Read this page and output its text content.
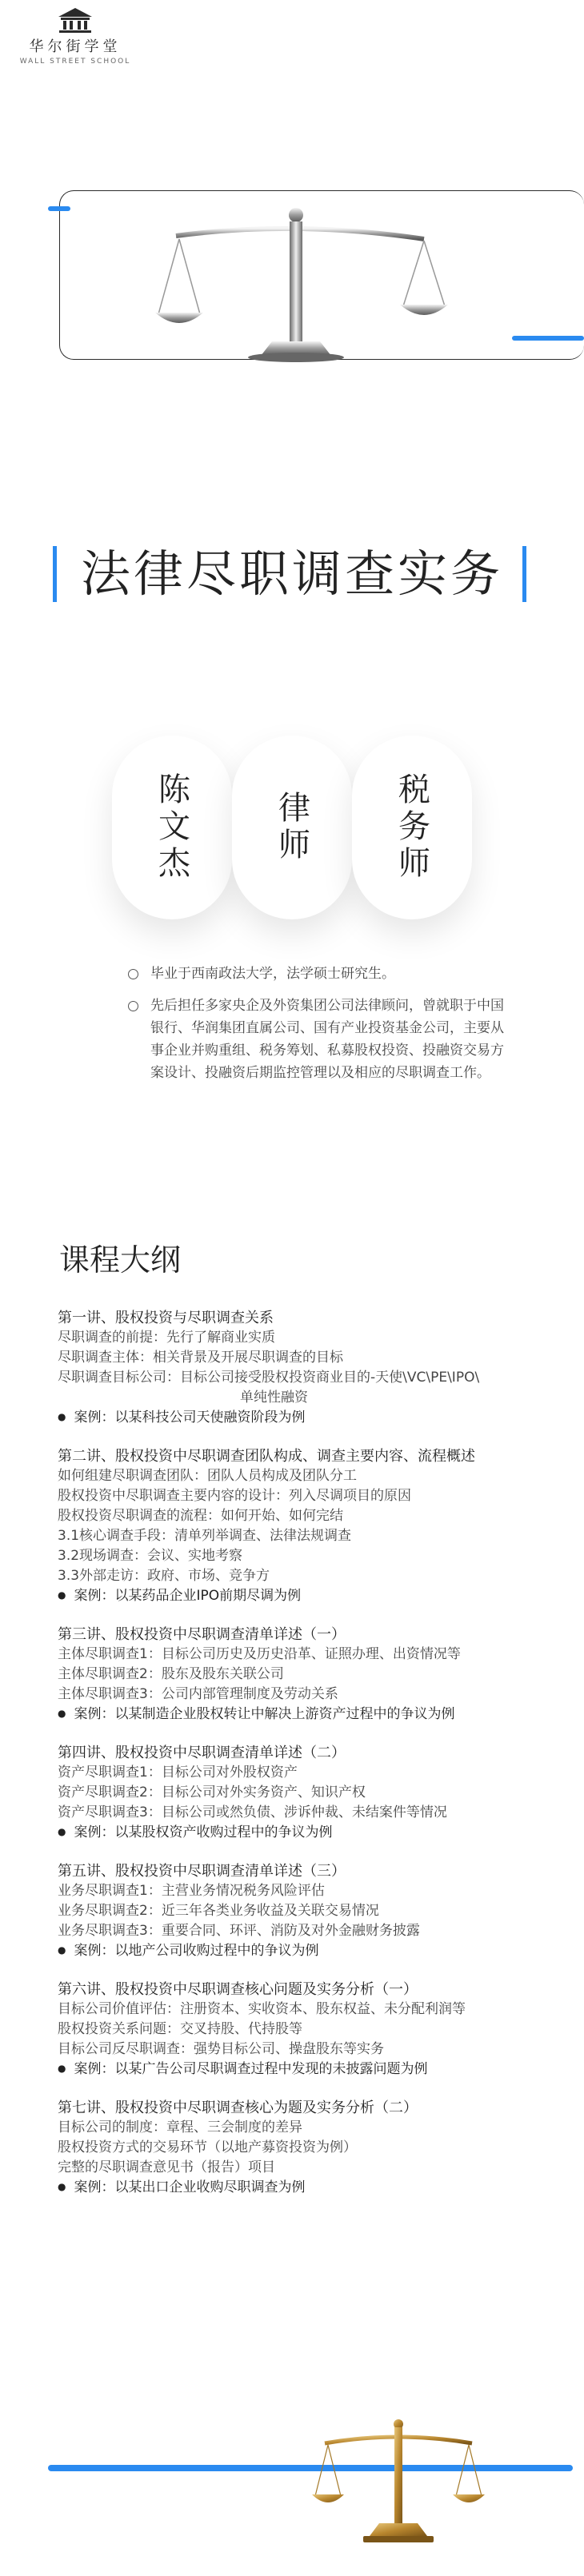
华尔街学堂
WALL STREET SCHOOL
法律尽职调查实务
陈文杰	律师	税务师
毕业于西南政法大学，法学硕士研究生。
先后担任多家央企及外资集团公司法律顾问，曾就职于中国银行、华润集团直属公司、国有产业投资基金公司，主要从事企业并购重组、税务筹划、私募股权投资、投融资交易方案设计、投融资后期监控管理以及相应的尽职调查工作。
课程大纲
第一讲、股权投资与尽职调查关系
尽职调查的前提：先行了解商业实质
尽职调查主体：相关背景及开展尽职调查的目标
尽职调查目标公司：目标公司接受股权投资商业目的-天使\VC\PE\IPO\
单纯性融资
● 案例：以某科技公司天使融资阶段为例
第二讲、股权投资中尽职调查团队构成、调查主要内容、流程概述
如何组建尽职调查团队：团队人员构成及团队分工
股权投资中尽职调查主要内容的设计：列入尽调项目的原因
股权投资尽职调查的流程：如何开始、如何完结
3.1核心调查手段：清单列举调查、法律法规调查
3.2现场调查：会议、实地考察
3.3外部走访：政府、市场、竞争方
● 案例：以某药品企业IPO前期尽调为例
第三讲、股权投资中尽职调查清单详述（一）
主体尽职调查1：目标公司历史及历史沿革、证照办理、出资情况等
主体尽职调查2：股东及股东关联公司
主体尽职调查3：公司内部管理制度及劳动关系
● 案例：以某制造企业股权转让中解决上游资产过程中的争议为例
第四讲、股权投资中尽职调查清单详述（二）
资产尽职调查1：目标公司对外股权资产
资产尽职调查2：目标公司对外实务资产、知识产权
资产尽职调查3：目标公司或然负债、涉诉仲裁、未结案件等情况
● 案例：以某股权资产收购过程中的争议为例
第五讲、股权投资中尽职调查清单详述（三）
业务尽职调查1：主营业务情况税务风险评估
业务尽职调查2：近三年各类业务收益及关联交易情况
业务尽职调查3：重要合同、环评、消防及对外金融财务披露
● 案例：以地产公司收购过程中的争议为例
第六讲、股权投资中尽职调查核心问题及实务分析（一）
目标公司价值评估：注册资本、实收资本、股东权益、未分配利润等
股权投资关系问题：交叉持股、代持股等
目标公司反尽职调查：强势目标公司、操盘股东等实务
● 案例：以某广告公司尽职调查过程中发现的未披露问题为例
第七讲、股权投资中尽职调查核心为题及实务分析（二）
目标公司的制度：章程、三会制度的差异
股权投资方式的交易环节（以地产募资投资为例）
完整的尽职调查意见书（报告）项目
● 案例：以某出口企业收购尽职调查为例
